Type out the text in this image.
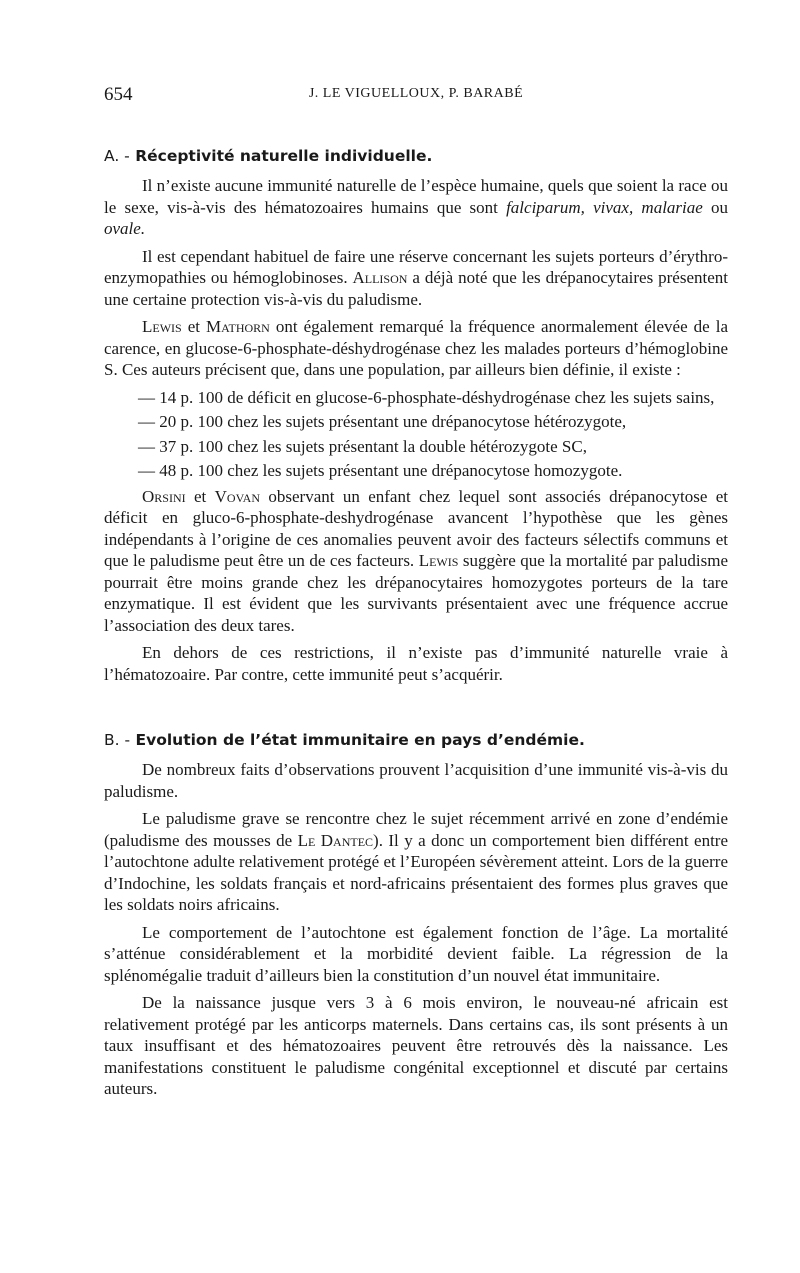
654	J. LE VIGUELLOUX, P. BARABÉ
A. - Réceptivité naturelle individuelle.

Il n’existe aucune immunité naturelle de l’espèce humaine, quels que soient la race ou le sexe, vis-à-vis des hématozoaires humains que sont falciparum, vivax, malariae ou ovale.

Il est cependant habituel de faire une réserve concernant les sujets porteurs d’érythro-enzymopathies ou hémoglobinoses. Allison a déjà noté que les drépanocytaires présentent une certaine protection vis-à-vis du paludisme.

Lewis et Mathorn ont également remarqué la fréquence anormalement élevée de la carence, en glucose-6-phosphate-déshydrogénase chez les malades porteurs d’hémoglobine S. Ces auteurs précisent que, dans une population, par ailleurs bien définie, il existe :

— 14 p. 100 de déficit en glucose-6-phosphate-déshydrogénase chez les sujets sains,
— 20 p. 100 chez les sujets présentant une drépanocytose hétérozygote,
— 37 p. 100 chez les sujets présentant la double hétérozygote SC,
— 48 p. 100 chez les sujets présentant une drépanocytose homozygote.

Orsini et Vovan observant un enfant chez lequel sont associés drépanocytose et déficit en gluco-6-phosphate-deshydrogénase avancent l’hypothèse que les gènes indépendants à l’origine de ces anomalies peuvent avoir des facteurs sélectifs communs et que le paludisme peut être un de ces facteurs. Lewis suggère que la mortalité par paludisme pourrait être moins grande chez les drépanocytaires homozygotes porteurs de la tare enzymatique. Il est évident que les survivants présentaient avec une fréquence accrue l’association des deux tares.

En dehors de ces restrictions, il n’existe pas d’immunité naturelle vraie à l’hématozoaire. Par contre, cette immunité peut s’acquérir.

B. - Evolution de l’état immunitaire en pays d’endémie.

De nombreux faits d’observations prouvent l’acquisition d’une immunité vis-à-vis du paludisme.

Le paludisme grave se rencontre chez le sujet récemment arrivé en zone d’endémie (paludisme des mousses de Le Dantec). Il y a donc un comportement bien différent entre l’autochtone adulte relativement protégé et l’Européen sévèrement atteint. Lors de la guerre d’Indochine, les soldats français et nord-africains présentaient des formes plus graves que les soldats noirs africains.

Le comportement de l’autochtone est également fonction de l’âge. La mortalité s’atténue considérablement et la morbidité devient faible. La régression de la splénomégalie traduit d’ailleurs bien la constitution d’un nouvel état immunitaire.

De la naissance jusque vers 3 à 6 mois environ, le nouveau-né africain est relativement protégé par les anticorps maternels. Dans certains cas, ils sont présents à un taux insuffisant et des hématozoaires peuvent être retrouvés dès la naissance. Les manifestations constituent le paludisme congénital exceptionnel et discuté par certains auteurs.
